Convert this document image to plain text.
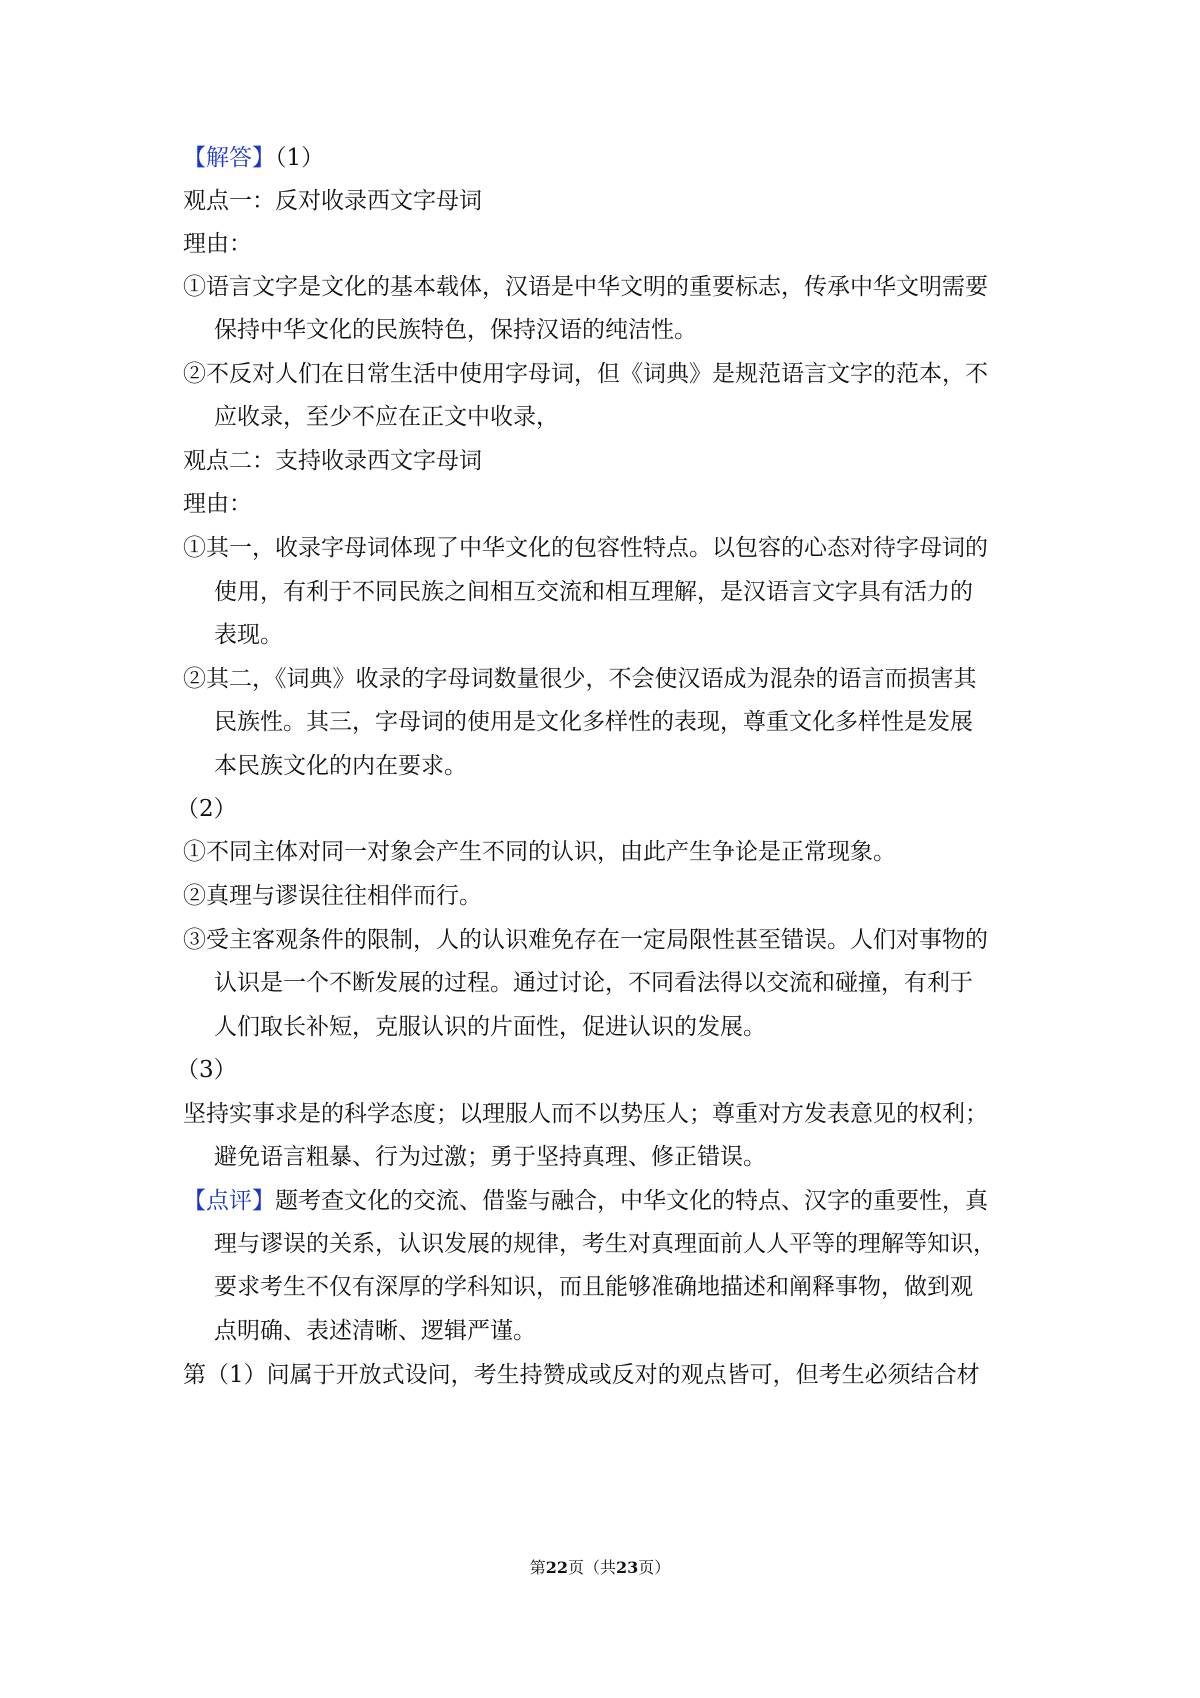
【解答】（1）
观点一：反对收录西文字母词
理由：
①语言文字是文化的基本载体，汉语是中华文明的重要标志，传承中华文明需要
保持中华文化的民族特色，保持汉语的纯洁性。
②不反对人们在日常生活中使用字母词，但《词典》是规范语言文字的范本，不
应收录，至少不应在正文中收录，
观点二：支持收录西文字母词
理由：
①其一，收录字母词体现了中华文化的包容性特点。以包容的心态对待字母词的
使用，有利于不同民族之间相互交流和相互理解，是汉语言文字具有活力的
表现。
②其二，《词典》收录的字母词数量很少，不会使汉语成为混杂的语言而损害其
民族性。其三，字母词的使用是文化多样性的表现，尊重文化多样性是发展
本民族文化的内在要求。
（2）
①不同主体对同一对象会产生不同的认识，由此产生争论是正常现象。
②真理与谬误往往相伴而行。
③受主客观条件的限制，人的认识难免存在一定局限性甚至错误。人们对事物的
认识是一个不断发展的过程。通过讨论，不同看法得以交流和碰撞，有利于
人们取长补短，克服认识的片面性，促进认识的发展。
（3）
坚持实事求是的科学态度；以理服人而不以势压人；尊重对方发表意见的权利；
避免语言粗暴、行为过激；勇于坚持真理、修正错误。
【点评】题考查文化的交流、借鉴与融合，中华文化的特点、汉字的重要性，真
理与谬误的关系，认识发展的规律，考生对真理面前人人平等的理解等知识，
要求考生不仅有深厚的学科知识，而且能够准确地描述和阐释事物，做到观
点明确、表述清晰、逻辑严谨。
第（1）问属于开放式设问，考生持赞成或反对的观点皆可，但考生必须结合材
第22页（共23页）
